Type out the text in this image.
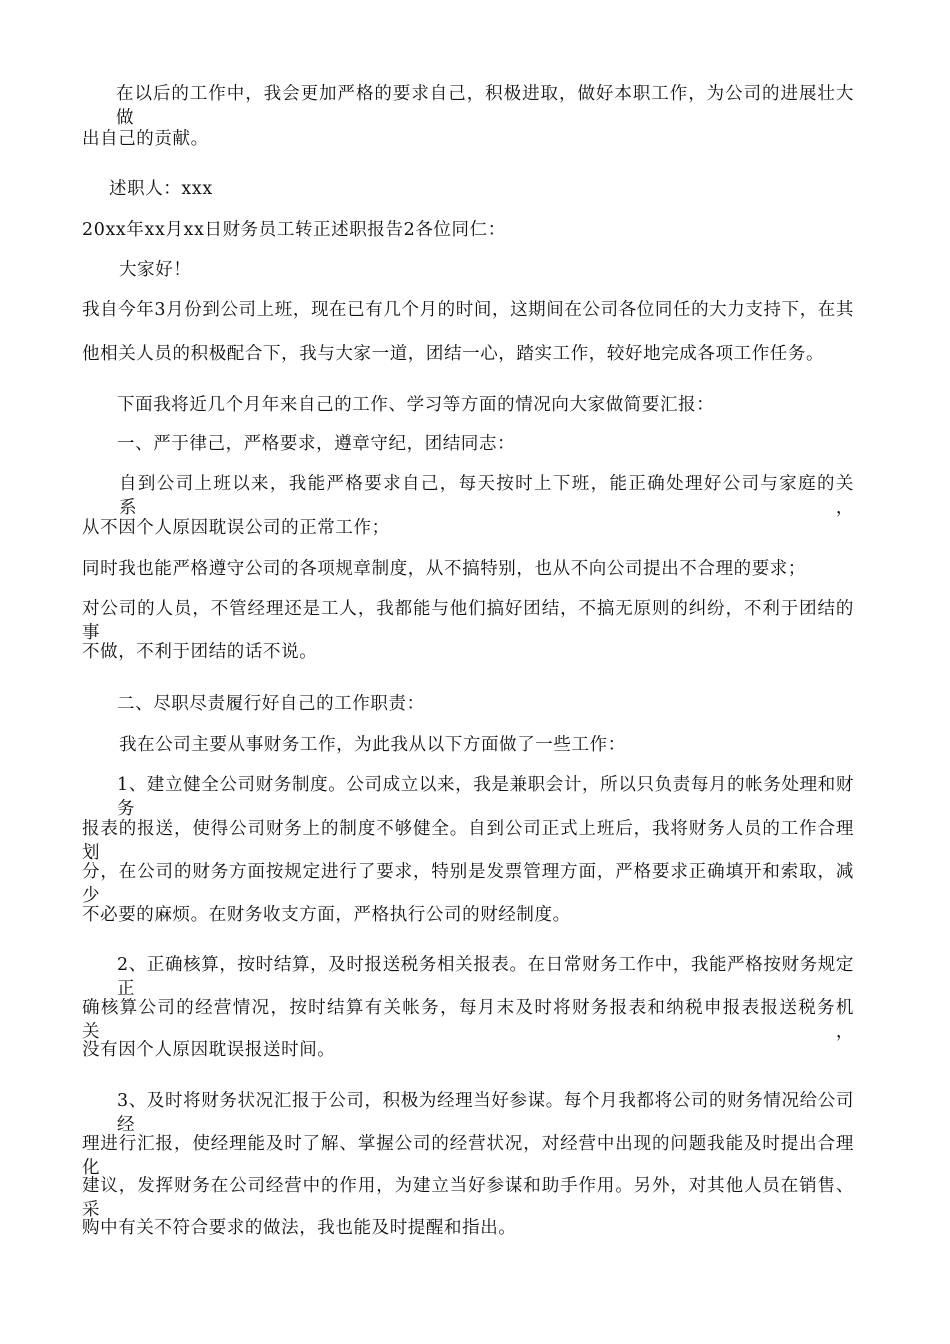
在以后的工作中，我会更加严格的要求自己，积极进取，做好本职工作，为公司的进展壮大做

出自己的贡献。

述职人：xxx

20xx年xx月xx日财务员工转正述职报告2各位同仁：

大家好！

我自今年3月份到公司上班，现在已有几个月的时间，这期间在公司各位同任的大力支持下，在其

他相关人员的积极配合下，我与大家一道，团结一心，踏实工作，较好地完成各项工作任务。

下面我将近几个月年来自己的工作、学习等方面的情况向大家做简要汇报：

一、严于律己，严格要求，遵章守纪，团结同志：

自到公司上班以来，我能严格要求自己，每天按时上下班，能正确处理好公司与家庭的关系，

从不因个人原因耽误公司的正常工作；

同时我也能严格遵守公司的各项规章制度，从不搞特别，也从不向公司提出不合理的要求；

对公司的人员，不管经理还是工人，我都能与他们搞好团结，不搞无原则的纠纷，不利于团结的事

不做，不利于团结的话不说。

二、尽职尽责履行好自己的工作职责：

我在公司主要从事财务工作，为此我从以下方面做了一些工作：

1、建立健全公司财务制度。公司成立以来，我是兼职会计，所以只负责每月的帐务处理和财务

报表的报送，使得公司财务上的制度不够健全。自到公司正式上班后，我将财务人员的工作合理划

分，在公司的财务方面按规定进行了要求，特别是发票管理方面，严格要求正确填开和索取，减少

不必要的麻烦。在财务收支方面，严格执行公司的财经制度。

2、正确核算，按时结算，及时报送税务相关报表。在日常财务工作中，我能严格按财务规定正

确核算公司的经营情况，按时结算有关帐务，每月末及时将财务报表和纳税申报表报送税务机关，

没有因个人原因耽误报送时间。

3、及时将财务状况汇报于公司，积极为经理当好参谋。每个月我都将公司的财务情况给公司经

理进行汇报，使经理能及时了解、掌握公司的经营状况，对经营中出现的问题我能及时提出合理化

建议，发挥财务在公司经营中的作用，为建立当好参谋和助手作用。另外，对其他人员在销售、采

购中有关不符合要求的做法，我也能及时提醒和指出。
